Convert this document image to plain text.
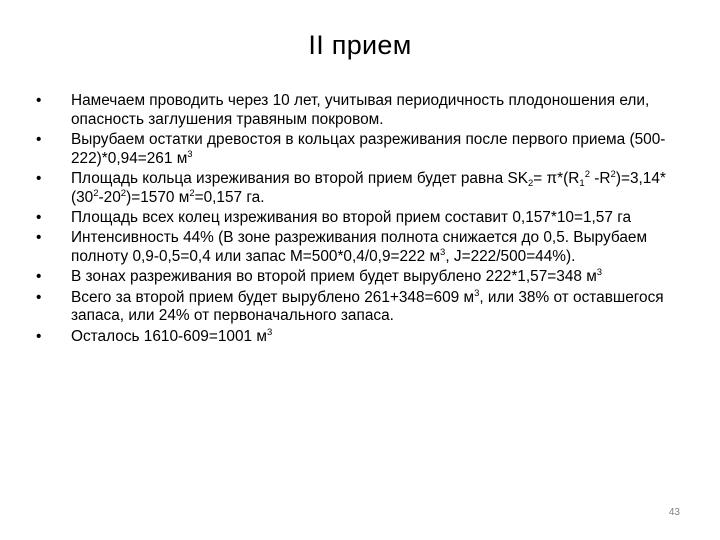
II прием
•	Намечаем проводить через 10 лет, учитывая периодичность плодоношения ели, опасность заглушения травяным покровом.
•	Вырубаем остатки древостоя в кольцах разреживания после первого приема (500-222)*0,94=261 $м^3$
•	Площадь кольца изреживания во второй прием будет равна $SK2= \pi*(R1^2$ $-R^2)=3,14*(30^2-20^2)=1570$ $м^2=0,157$ га.
•	Площадь всех колец изреживания во второй прием составит 0,157*10=1,57 га
•	Интенсивность 44% (В зоне разреживания полнота снижается до 0,5. Вырубаем полноту 0,9-0,5=0,4 или запас М=500*0,4/0,9=222 $м^3$, J=222/500=44%).
•	В зонах разреживания во второй прием будет вырублено 222*1,57=348 $м^3$
•	Всего за второй прием будет вырублено 261+348=609 $м^3$, или 38% от оставшегося запаса, или 24% от первоначального запаса.
•	Осталось 1610-609=1001 $м^3$
43
